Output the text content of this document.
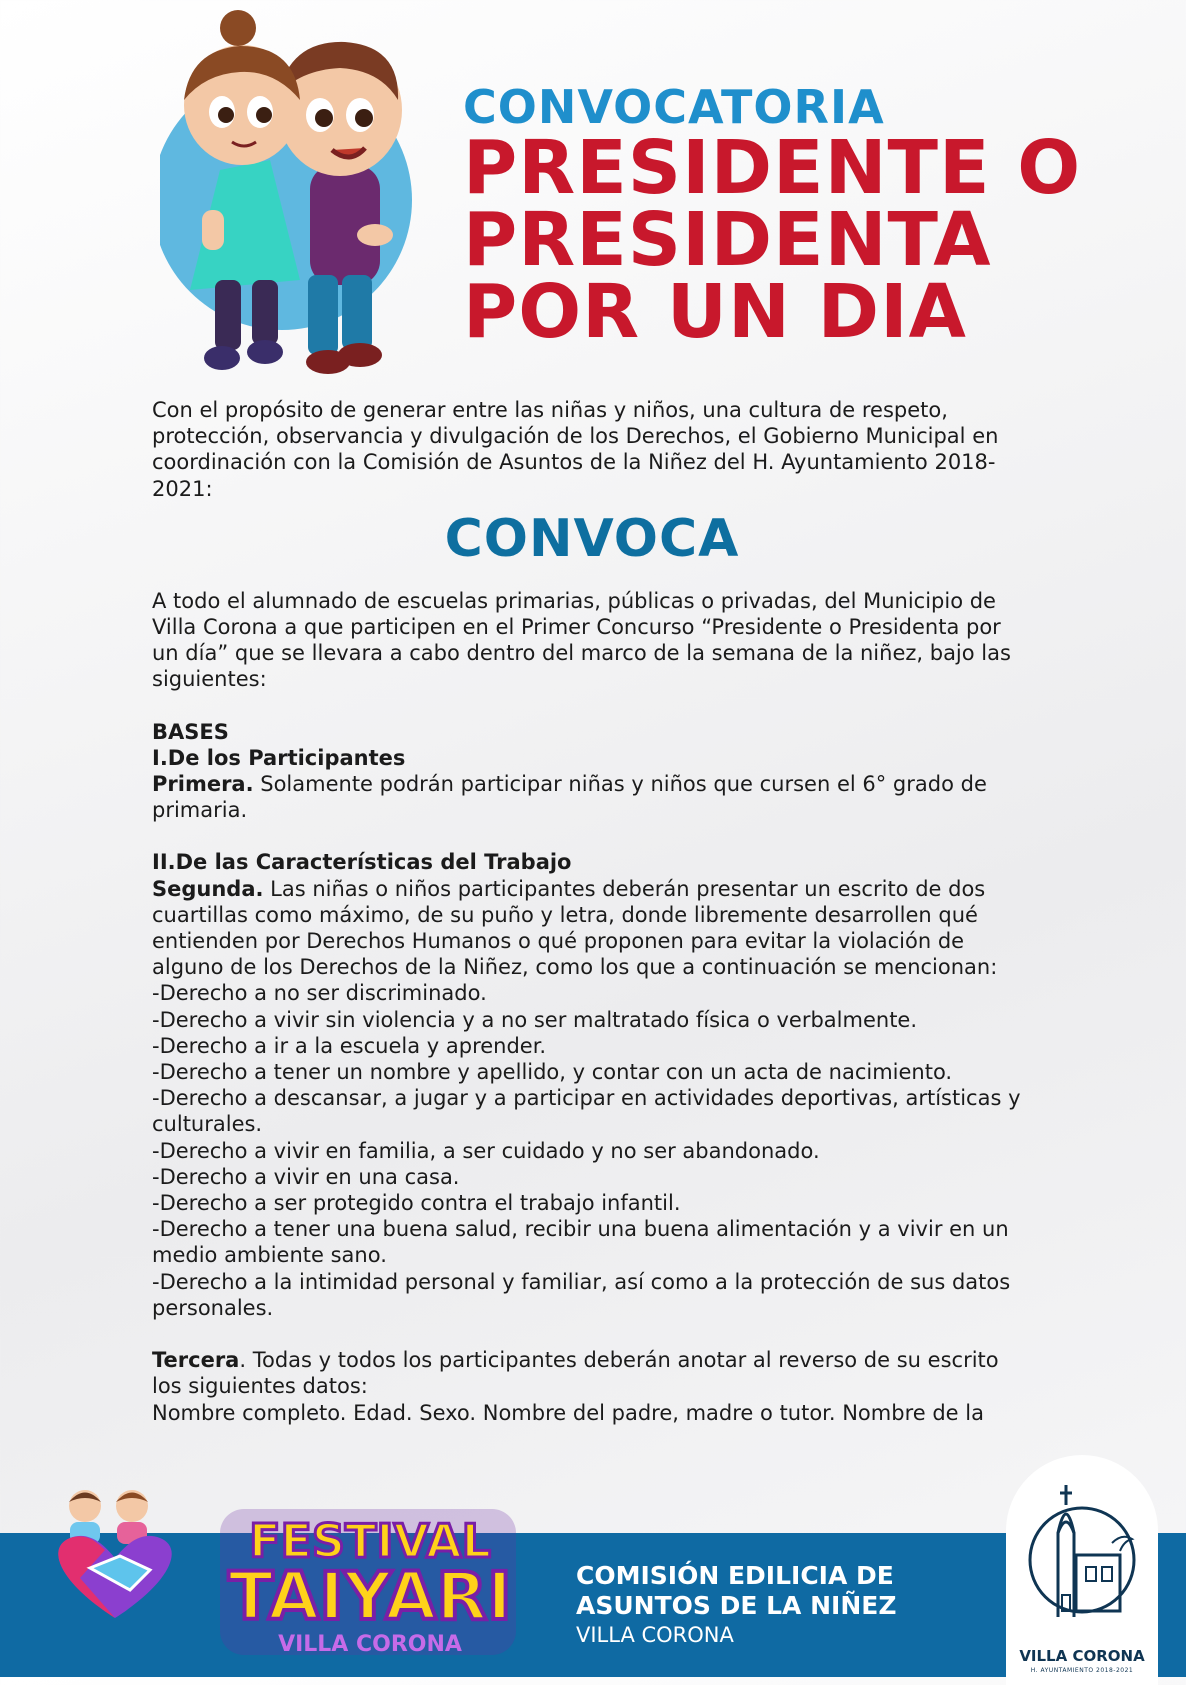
CONVOCATORIA
PRESIDENTE O
PRESIDENTA
POR UN DIA

Con el propósito de generar entre las niñas y niños, una cultura de respeto, protección, observancia y divulgación de los Derechos, el Gobierno Municipal en coordinación con la Comisión de Asuntos de la Niñez del H. Ayuntamiento 2018-2021:

CONVOCA

A todo el alumnado de escuelas primarias, públicas o privadas, del Municipio de Villa Corona a que participen en el Primer Concurso “Presidente o Presidenta por un día” que se llevara a cabo dentro del marco de la semana de la niñez, bajo las siguientes:

BASES

I.De los Participantes

Primera. Solamente podrán participar niñas y niños que cursen el 6° grado de primaria.

II.De las Características del Trabajo

Segunda. Las niñas o niños participantes deberán presentar un escrito de dos cuartillas como máximo, de su puño y letra, donde libremente desarrollen qué entienden por Derechos Humanos o qué proponen para evitar la violación de alguno de los Derechos de la Niñez, como los que a continuación se mencionan:

-Derecho a no ser discriminado.

-Derecho a vivir sin violencia y a no ser maltratado física o verbalmente.

-Derecho a ir a la escuela y aprender.

-Derecho a tener un nombre y apellido, y contar con un acta de nacimiento.

-Derecho a descansar, a jugar y a participar en actividades deportivas, artísticas y culturales.

-Derecho a vivir en familia, a ser cuidado y no ser abandonado.

-Derecho a vivir en una casa.

-Derecho a ser protegido contra el trabajo infantil.

-Derecho a tener una buena salud, recibir una buena alimentación y a vivir en un medio ambiente sano.

-Derecho a la intimidad personal y familiar, así como a la protección de sus datos personales.

Tercera. Todas y todos los participantes deberán anotar al reverso de su escrito los siguientes datos:

Nombre completo. Edad. Sexo. Nombre del padre, madre o tutor. Nombre de la

FESTIVAL
TAIYARI
VILLA CORONA
COMISIÓN EDILICIA DE
ASUNTOS DE LA NIÑEZ
VILLA CORONA
VILLA CORONA
H. AYUNTAMIENTO 2018-2021
